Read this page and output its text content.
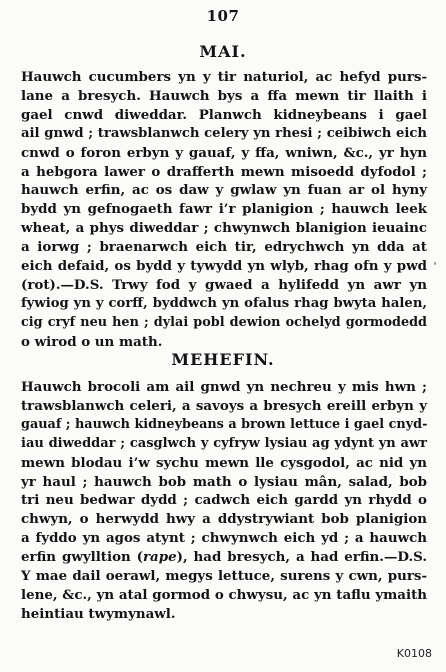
107
MAI.
Hauwch cucumbers yn y tir naturiol, ac hefyd purs-
lane a bresych. Hauwch bys a ffa mewn tir llaith i
gael cnwd diweddar. Planwch kidneybeans i gael
ail gnwd ; trawsblanwch celery yn rhesi ; ceibiwch eich
cnwd o foron erbyn y gauaf, y ffa, wniwn, &c., yr hyn
a hebgora lawer o drafferth mewn misoedd dyfodol ;
hauwch erfin, ac os daw y gwlaw yn fuan ar ol hyny
bydd yn gefnogaeth fawr i’r planigion ; hauwch leek
wheat, a phys diweddar ; chwynwch blanigion ieuainc
a iorwg ; braenarwch eich tir, edrychwch yn dda at
eich defaid, os bydd y tywydd yn wlyb, rhag ofn y pwd
(rot).—D.S. Trwy fod y gwaed a hylifedd yn awr yn
fywiog yn y corff, byddwch yn ofalus rhag bwyta halen,
cig cryf neu hen ; dylai pobl dewion ochelyd gormodedd
o wirod o un math.
MEHEFIN.
Hauwch brocoli am ail gnwd yn nechreu y mis hwn ;
trawsblanwch celeri, a savoys a bresych ereill erbyn y
gauaf ; hauwch kidneybeans a brown lettuce i gael cnyd-
iau diweddar ; casglwch y cyfryw lysiau ag ydynt yn awr
mewn blodau i’w sychu mewn lle cysgodol, ac nid yn
yr haul ; hauwch bob math o lysiau mân, salad, bob
tri neu bedwar dydd ; cadwch eich gardd yn rhydd o
chwyn, o herwydd hwy a ddystrywiant bob planigion
a fyddo yn agos atynt ; chwynwch eich yd ; a hauwch
erfin gwylltion (rape), had bresych, a had erfin.—D.S.
Y mae dail oerawl, megys lettuce, surens y cwn, purs-
lene, &c., yn atal gormod o chwysu, ac yn taflu ymaith
heintiau twymynawl.
K0108
